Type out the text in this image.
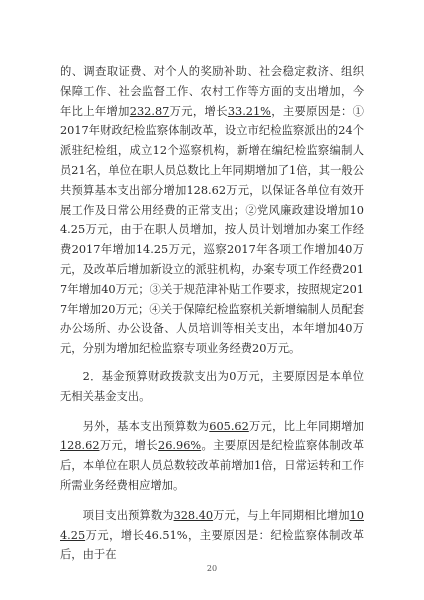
的、调查取证费、对个人的奖励补助、社会稳定救济、组织保障工作、社会监督工作、农村工作等方面的支出增加，今年比上年增加232.87万元，增长33.21%，主要原因是：①2017年财政纪检监察体制改革，设立市纪检监察派出的24个派驻纪检组，成立12个巡察机构，新增在编纪检监察编制人员21名，单位在职人员总数比上年同期增加了1倍，其一般公共预算基本支出部分增加128.62万元，以保证各单位有效开展工作及日常公用经费的正常支出；②党风廉政建设增加104.25万元，由于在职人员增加，按人员计划增加办案工作经费2017年增加14.25万元，巡察2017年各项工作增加40万元，及改革后增加新设立的派驻机构，办案专项工作经费2017年增加40万元；③关于规范津补贴工作要求，按照规定2017年增加20万元；④关于保障纪检监察机关新增编制人员配套办公场所、办公设备、人员培训等相关支出，本年增加40万元，分别为增加纪检监察专项业务经费20万元。

2．基金预算财政拨款支出为0万元，主要原因是本单位无相关基金支出。

另外，基本支出预算数为605.62万元，比上年同期增加128.62万元，增长26.96%。主要原因是纪检监察体制改革后，本单位在职人员总数较改革前增加1倍，日常运转和工作所需业务经费相应增加。

项目支出预算数为328.40万元，与上年同期相比增加104.25万元，增长46.51%，主要原因是：纪检监察体制改革后，由于在

20
